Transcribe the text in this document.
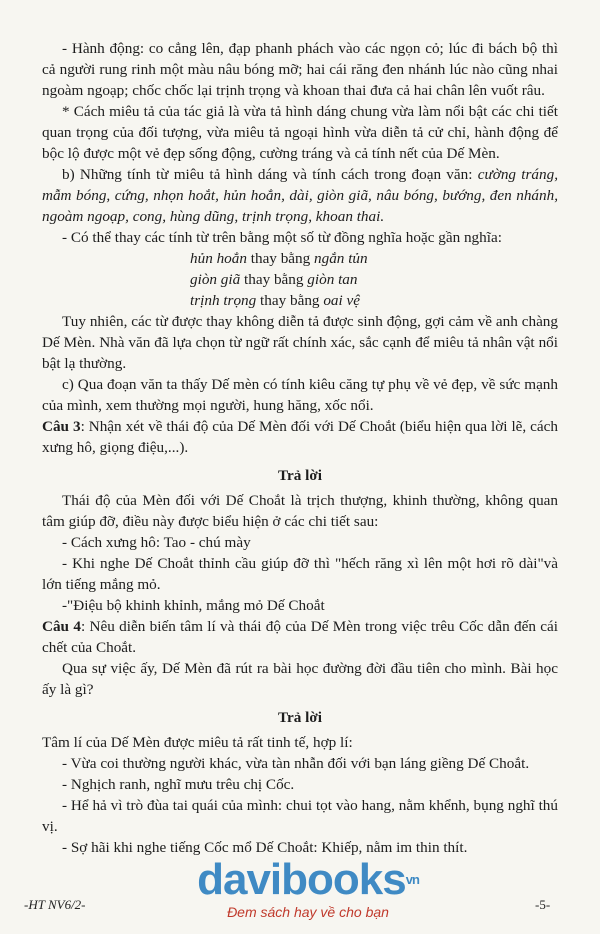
- Hành động: co cẳng lên, đạp phanh phách vào các ngọn cỏ; lúc đi bách bộ thì cả người rung rinh một màu nâu bóng mỡ; hai cái răng đen nhánh lúc nào cũng nhai ngoàm ngoạp; chốc chốc lại trịnh trọng và khoan thai đưa cả hai chân lên vuốt râu.

* Cách miêu tả của tác giả là vừa tả hình dáng chung vừa làm nổi bật các chi tiết quan trọng của đối tượng, vừa miêu tả ngoại hình vừa diễn tả cử chỉ, hành động để bộc lộ được một vẻ đẹp sống động, cường tráng và cả tính nết của Dế Mèn.

b) Những tính từ miêu tả hình dáng và tính cách trong đoạn văn: cường tráng, mẫm bóng, cứng, nhọn hoắt, hủn hoẳn, dài, giòn giã, nâu bóng, bướng, đen nhánh, ngoàm ngoạp, cong, hùng dũng, trịnh trọng, khoan thai.

- Có thể thay các tính từ trên bằng một số từ đồng nghĩa hoặc gần nghĩa:

hủn hoẳn thay bằng ngắn tủn
giòn giã thay bằng giòn tan
trịnh trọng thay bằng oai vệ

Tuy nhiên, các từ được thay không diễn tả được sinh động, gợi cảm về anh chàng Dế Mèn. Nhà văn đã lựa chọn từ ngữ rất chính xác, sắc cạnh để miêu tả nhân vật nổi bật lạ thường.

c) Qua đoạn văn ta thấy Dế mèn có tính kiêu căng tự phụ về vẻ đẹp, về sức mạnh của mình, xem thường mọi người, hung hăng, xốc nổi.

Câu 3: Nhận xét về thái độ của Dế Mèn đối với Dế Choắt (biểu hiện qua lời lẽ, cách xưng hô, giọng điệu,...).

Trả lời

Thái độ của Mèn đối với Dế Choắt là trịch thượng, khinh thường, không quan tâm giúp đỡ, điều này được biểu hiện ở các chi tiết sau:

- Cách xưng hô: Tao - chú mày

- Khi nghe Dế Choắt thỉnh cầu giúp đỡ thì "hếch răng xì lên một hơi rõ dài"và lớn tiếng mắng mỏ.

-"Điệu bộ khinh khỉnh, mắng mỏ Dế Choắt

Câu 4: Nêu diễn biến tâm lí và thái độ của Dế Mèn trong việc trêu Cốc dẫn đến cái chết của Choắt.

Qua sự việc ấy, Dế Mèn đã rút ra bài học đường đời đầu tiên cho mình. Bài học ấy là gì?

Trả lời

Tâm lí của Dế Mèn được miêu tả rất tinh tế, hợp lí:

- Vừa coi thường người khác, vừa tàn nhẫn đối với bạn láng giềng Dế Choắt.

- Nghịch ranh, nghĩ mưu trêu chị Cốc.

- Hể hả vì trò đùa tai quái của mình: chui tọt vào hang, nằm khểnh, bụng nghĩ thú vị.

- Sợ hãi khi nghe tiếng Cốc mổ Dế Choắt: Khiếp, nằm im thin thít.

davibooks$^{vn}$
Đem sách hay về cho bạn
-HT NV6/2-	-5-
